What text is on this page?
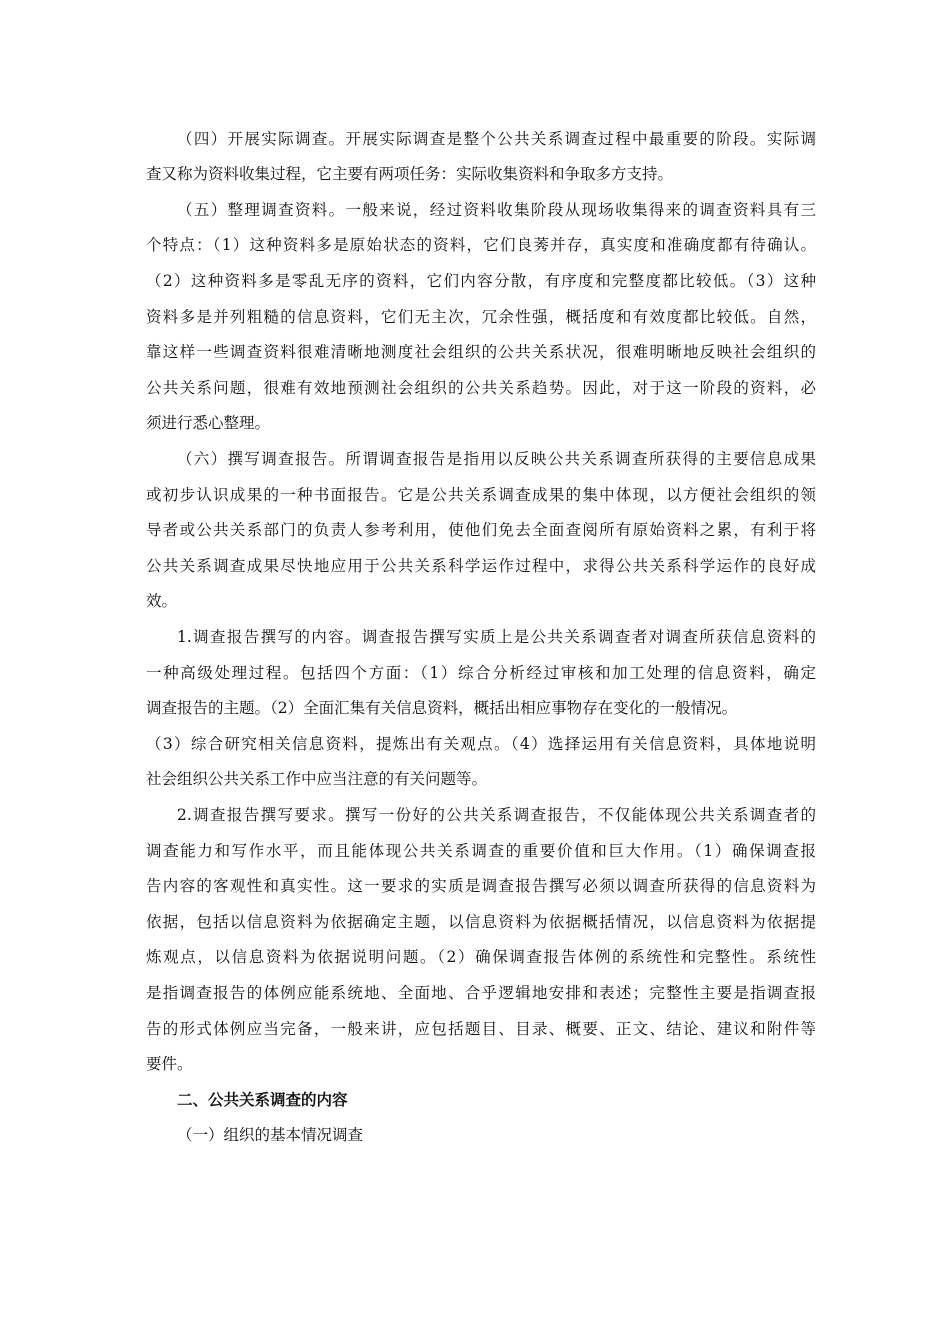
（四）开展实际调查。开展实际调查是整个公共关系调查过程中最重要的阶段。实际调
查又称为资料收集过程，它主要有两项任务：实际收集资料和争取多方支持。
（五）整理调查资料。一般来说，经过资料收集阶段从现场收集得来的调查资料具有三
个特点：（1）这种资料多是原始状态的资料，它们良莠并存，真实度和准确度都有待确认。
（2）这种资料多是零乱无序的资料，它们内容分散，有序度和完整度都比较低。（3）这种
资料多是并列粗糙的信息资料，它们无主次，冗余性强，概括度和有效度都比较低。自然，
靠这样一些调查资料很难清晰地测度社会组织的公共关系状况，很难明晰地反映社会组织的
公共关系问题，很难有效地预测社会组织的公共关系趋势。因此，对于这一阶段的资料，必
须进行悉心整理。
（六）撰写调查报告。所谓调查报告是指用以反映公共关系调查所获得的主要信息成果
或初步认识成果的一种书面报告。它是公共关系调查成果的集中体现，以方便社会组织的领
导者或公共关系部门的负责人参考利用，使他们免去全面查阅所有原始资料之累，有利于将
公共关系调查成果尽快地应用于公共关系科学运作过程中，求得公共关系科学运作的良好成
效。
1.调查报告撰写的内容。调查报告撰写实质上是公共关系调查者对调查所获信息资料的
一种高级处理过程。包括四个方面：（1）综合分析经过审核和加工处理的信息资料，确定
调查报告的主题。（2）全面汇集有关信息资料，概括出相应事物存在变化的一般情况。
（3）综合研究相关信息资料，提炼出有关观点。（4）选择运用有关信息资料，具体地说明
社会组织公共关系工作中应当注意的有关问题等。
2.调查报告撰写要求。撰写一份好的公共关系调查报告，不仅能体现公共关系调查者的
调查能力和写作水平，而且能体现公共关系调查的重要价值和巨大作用。（1）确保调查报
告内容的客观性和真实性。这一要求的实质是调查报告撰写必须以调查所获得的信息资料为
依据，包括以信息资料为依据确定主题，以信息资料为依据概括情况，以信息资料为依据提
炼观点，以信息资料为依据说明问题。（2）确保调查报告体例的系统性和完整性。系统性
是指调查报告的体例应能系统地、全面地、合乎逻辑地安排和表述；完整性主要是指调查报
告的形式体例应当完备，一般来讲，应包括题目、目录、概要、正文、结论、建议和附件等
要件。
二、公共关系调查的内容
（一）组织的基本情况调查
